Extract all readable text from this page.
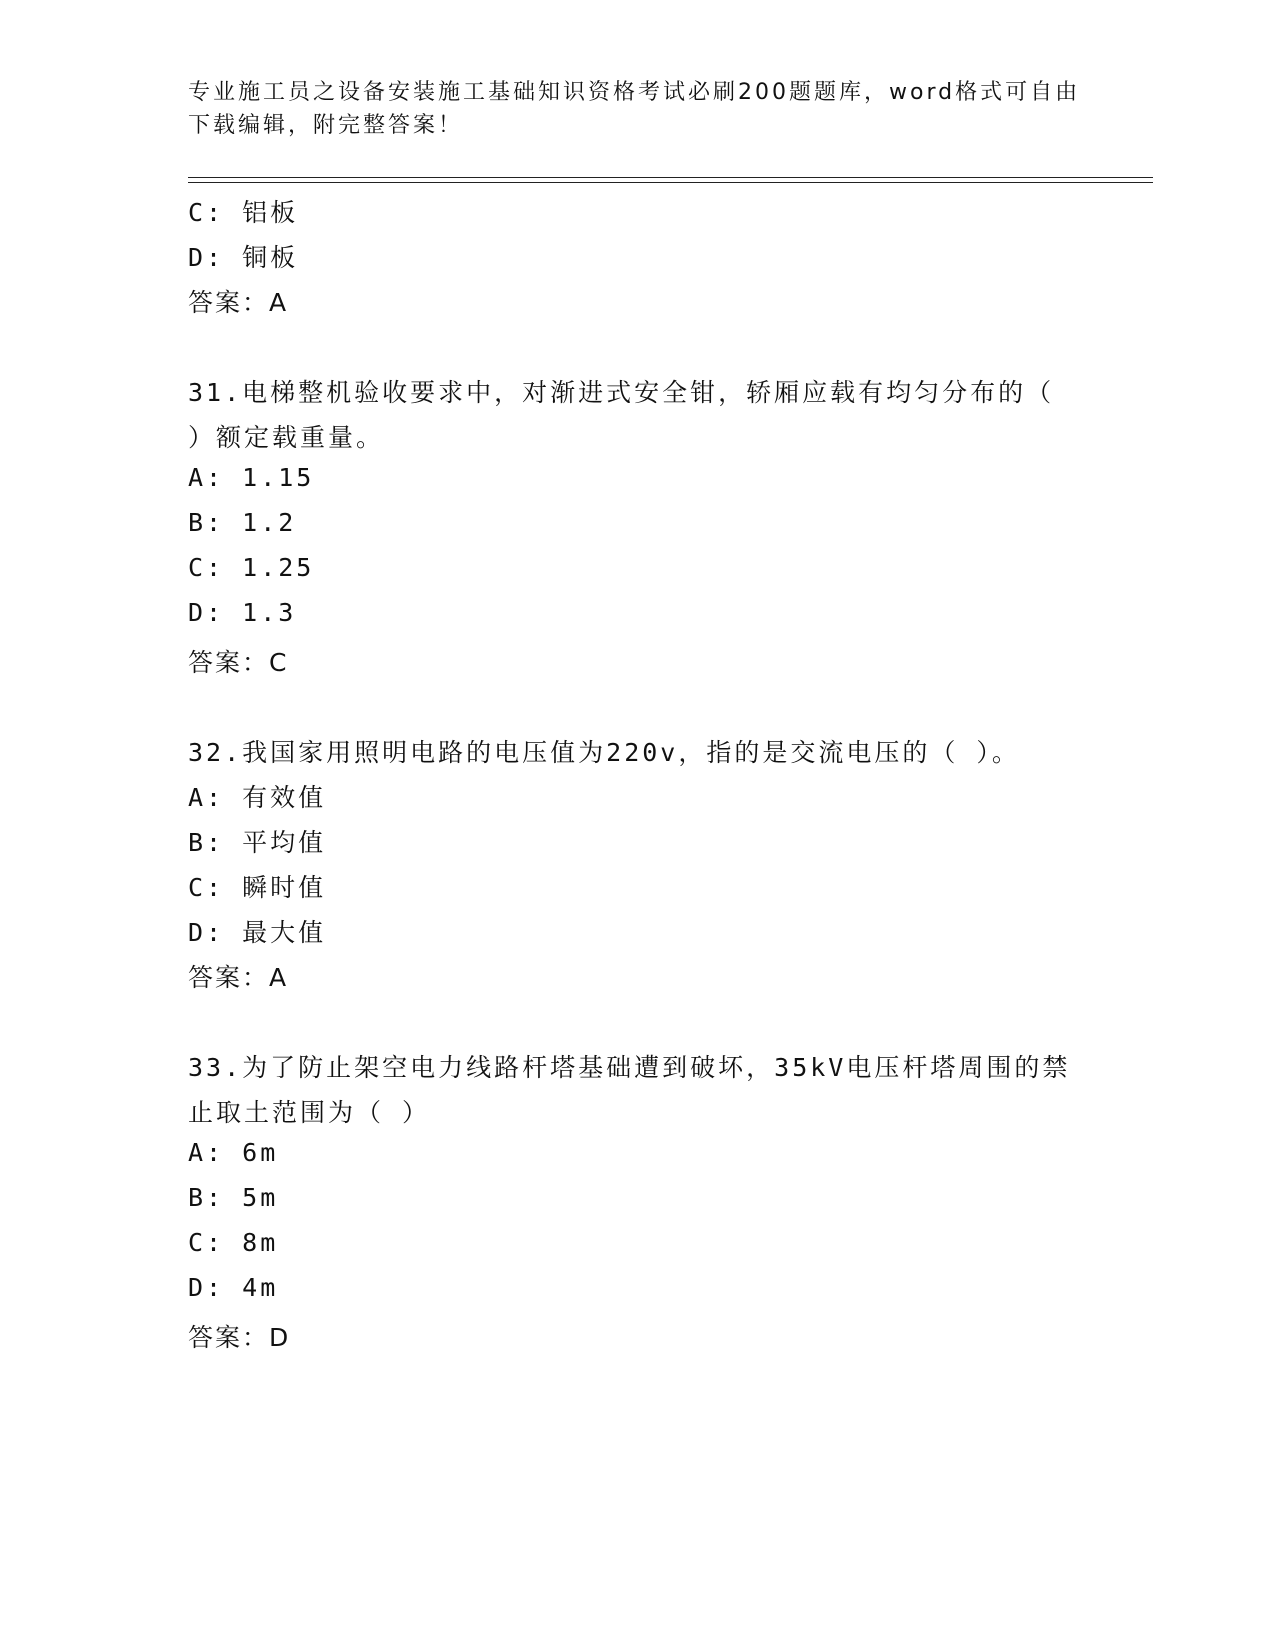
专业施工员之设备安装施工基础知识资格考试必刷200题题库，word格式可自由
下载编辑，附完整答案！
C: 铝板
D: 铜板
答案：A
31.电梯整机验收要求中，对渐进式安全钳，轿厢应载有均匀分布的（
）额定载重量。
A: 1.15
B: 1.2
C: 1.25
D: 1.3
答案：C
32.我国家用照明电路的电压值为220v，指的是交流电压的（ ）。
A: 有效值
B: 平均值
C: 瞬时值
D: 最大值
答案：A
33.为了防止架空电力线路杆塔基础遭到破坏，35kV电压杆塔周围的禁
止取土范围为（ ）
A: 6m
B: 5m
C: 8m
D: 4m
答案：D
